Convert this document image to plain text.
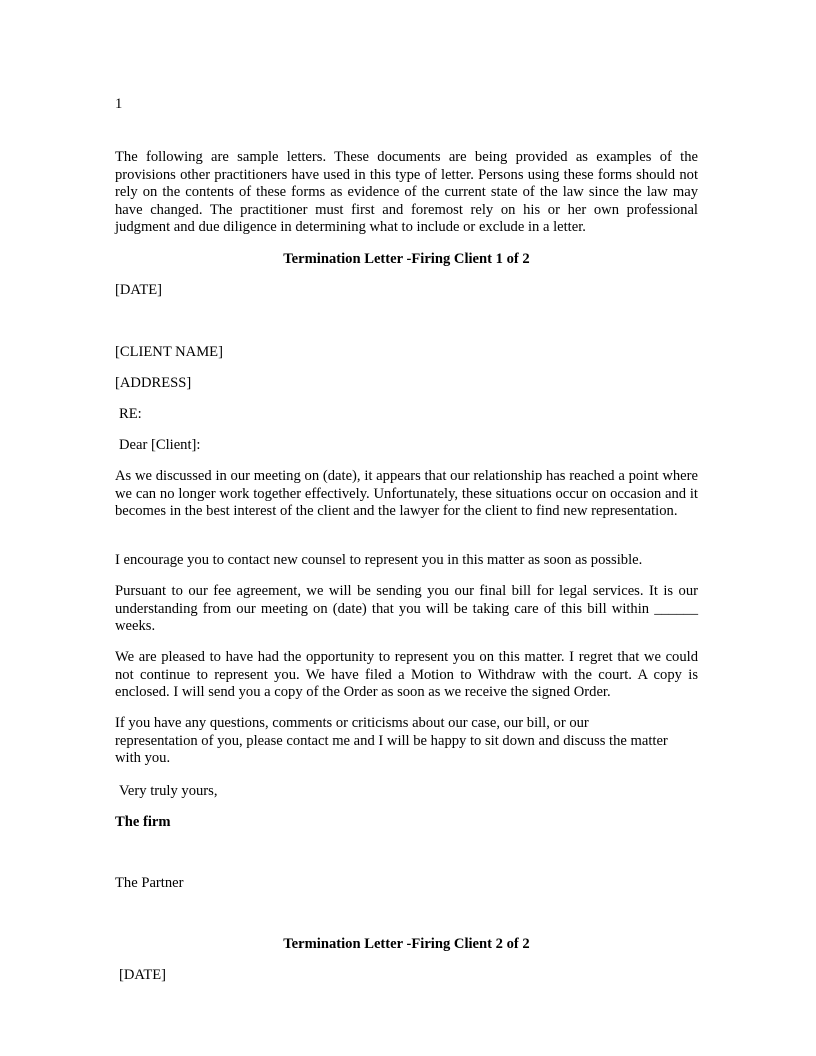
1

The following are sample letters. These documents are being provided as examples of the provisions other practitioners have used in this type of letter. Persons using these forms should not rely on the contents of these forms as evidence of the current state of the law since the law may have changed. The practitioner must first and foremost rely on his or her own professional judgment and due diligence in determining what to include or exclude in a letter.

Termination Letter -Firing Client 1 of 2

[DATE]

[CLIENT NAME]

[ADDRESS]

RE:

Dear [Client]:

As we discussed in our meeting on (date), it appears that our relationship has reached a point where we can no longer work together effectively. Unfortunately, these situations occur on occasion and it becomes in the best interest of the client and the lawyer for the client to find new representation.

I encourage you to contact new counsel to represent you in this matter as soon as possible.

Pursuant to our fee agreement, we will be sending you our final bill for legal services. It is our understanding from our meeting on (date) that you will be taking care of this bill within ______ weeks.

We are pleased to have had the opportunity to represent you on this matter. I regret that we could not continue to represent you. We have filed a Motion to Withdraw with the court. A copy is enclosed. I will send you a copy of the Order as soon as we receive the signed Order.

If you have any questions, comments or criticisms about our case, our bill, or our representation of you, please contact me and I will be happy to sit down and discuss the matter with you.

Very truly yours,

The firm

The Partner

Termination Letter -Firing Client 2 of 2

[DATE]
